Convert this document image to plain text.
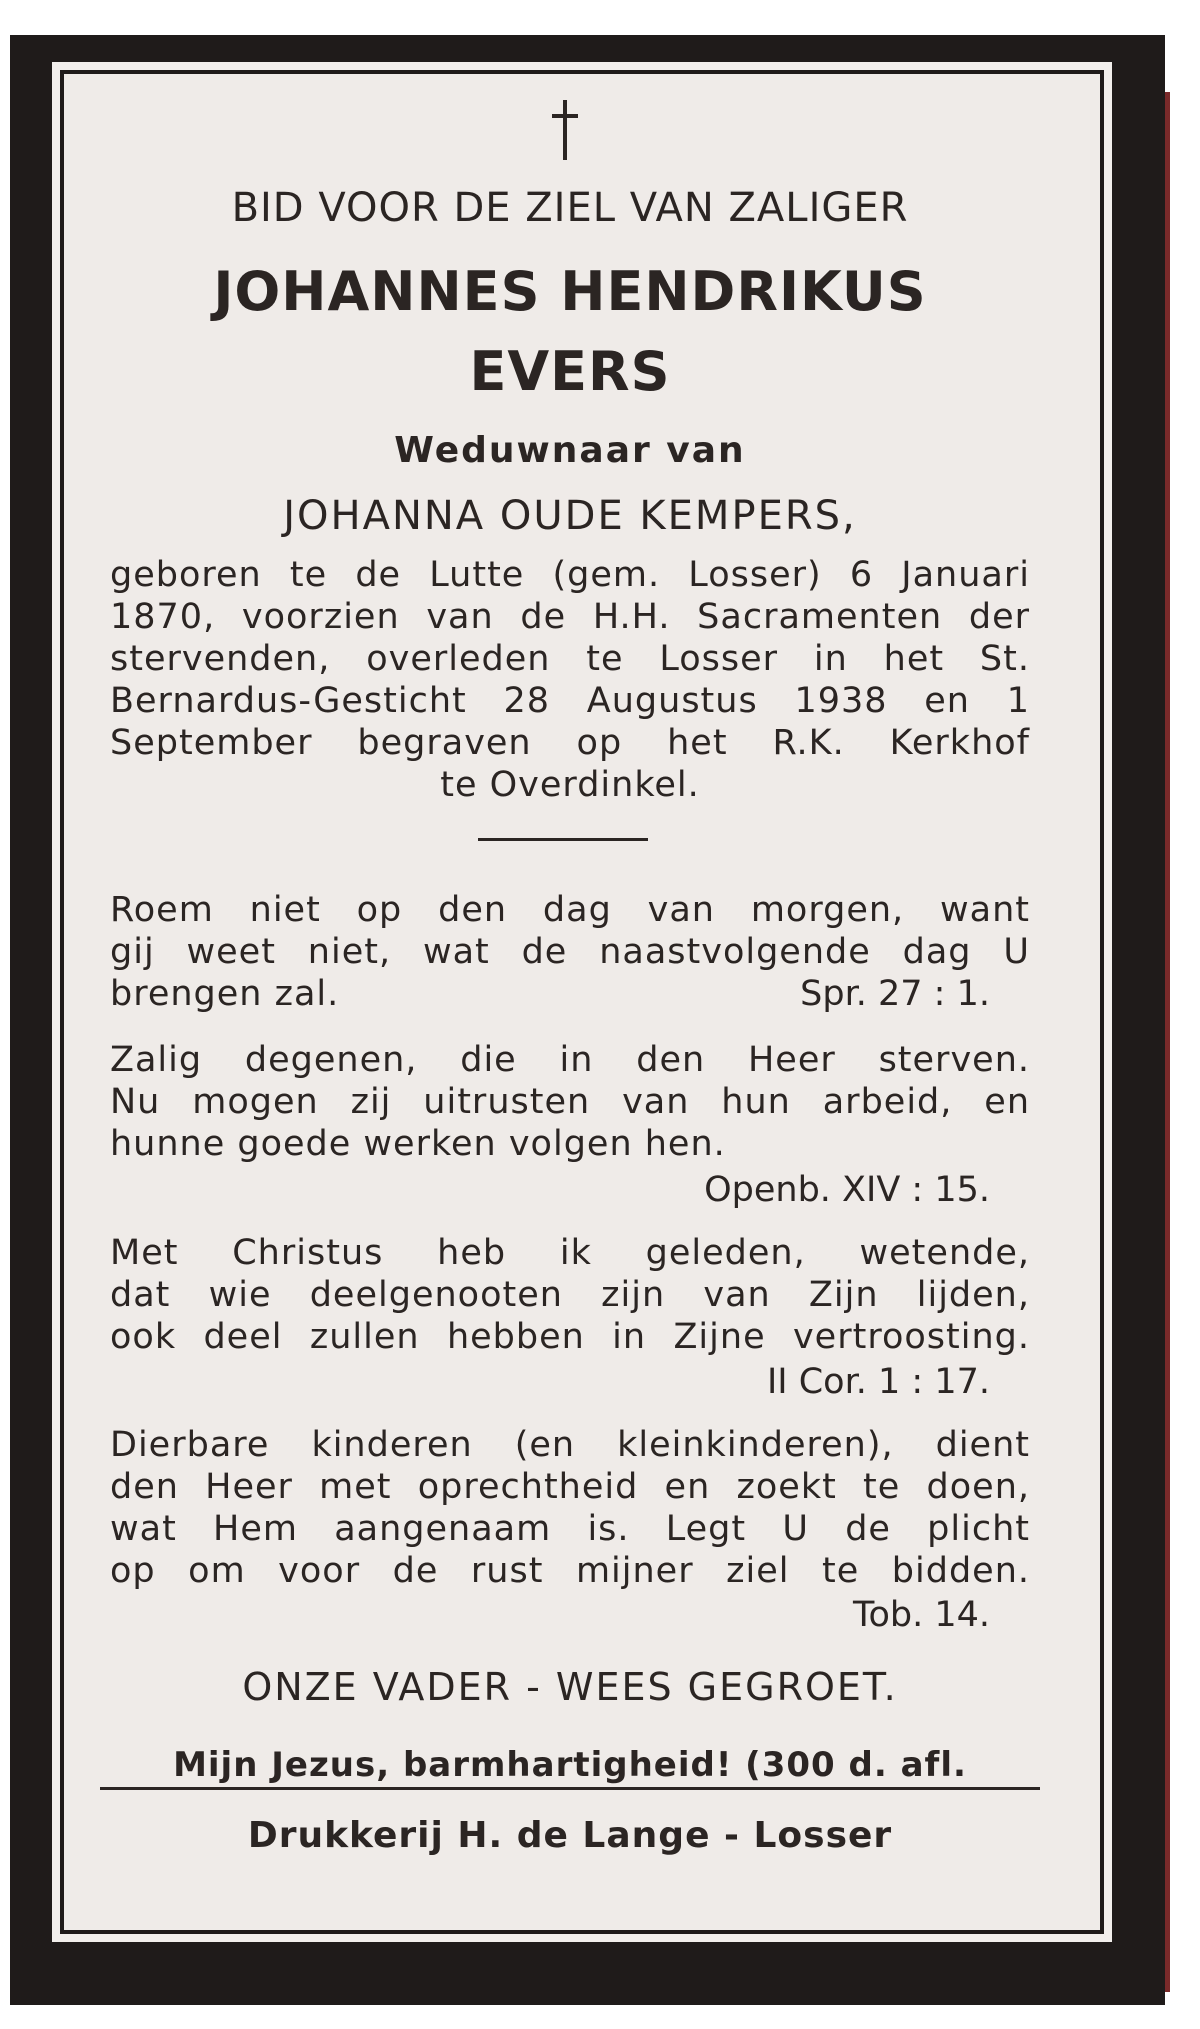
BID VOOR DE ZIEL VAN ZALIGER
JOHANNES HENDRIKUS
EVERS
Weduwnaar van
JOHANNA OUDE KEMPERS,
geboren te de Lutte (gem. Losser) 6 Januari
1870, voorzien van de H.H. Sacramenten der
stervenden, overleden te Losser in het St.
Bernardus-Gesticht 28 Augustus 1938 en 1
September begraven op het R.K. Kerkhof
te Overdinkel.
Roem niet op den dag van morgen, want
gij weet niet, wat de naastvolgende dag U
brengen zal.	Spr. 27 : 1.
Zalig degenen, die in den Heer sterven.
Nu mogen zij uitrusten van hun arbeid, en
hunne goede werken volgen hen.
Openb. XIV : 15.
Met Christus heb ik geleden, wetende,
dat wie deelgenooten zijn van Zijn lijden,
ook deel zullen hebben in Zijne vertroosting.
II Cor. 1 : 17.
Dierbare kinderen (en kleinkinderen), dient
den Heer met oprechtheid en zoekt te doen,
wat Hem aangenaam is. Legt U de plicht
op om voor de rust mijner ziel te bidden.
Tob. 14.
ONZE VADER - WEES GEGROET.
Mijn Jezus, barmhartigheid! (300 d. afl.
Drukkerij H. de Lange - Losser
